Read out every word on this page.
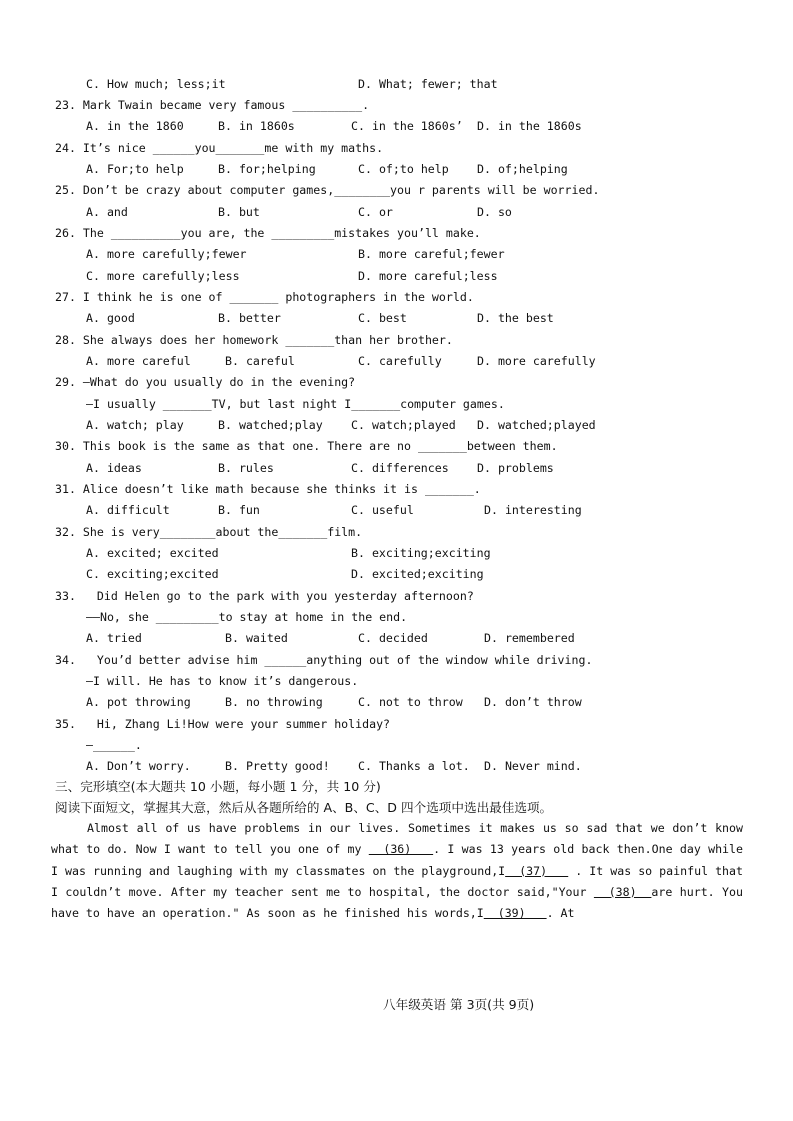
C. How much; less;it	D. What; fewer; that
23. Mark Twain became very famous __________.
A. in the 1860	B. in 1860s	C. in the 1860s’ D. in the 1860s
24. It’s nice ______you_______me with my maths.
A. For;to help	B. for;helping	C. of;to help D. of;helping
25. Don’t be crazy about computer games,________you r parents will be worried.
A. and	B. but	C. or	D. so
26. The __________you are, the _________mistakes you’ll make.
A. more carefully;fewer	B. more careful;fewer
C. more carefully;less	D. more careful;less
27. I think he is one of _______ photographers in the world.
A. good	B. better	C. best	D. the best
28. She always does her homework _______than her brother.
A. more careful	B. careful	C. carefully	D. more carefully
29. —What do you usually do in the evening?
—I usually _______TV, but last night I_______computer games.
A. watch; play	B. watched;play C. watch;played D. watched;played
30. This book is the same as that one. There are no _______between them.
A. ideas	B. rules	C. differences D. problems
31. Alice doesn’t like math because she thinks it is _______.
A. difficult	B. fun	C. useful	D. interesting
32. She is very________about the_______film.
A. excited; excited	B. exciting;exciting
C. exciting;excited	D. excited;exciting
33.   Did Helen go to the park with you yesterday afternoon?
——No, she _________to stay at home in the end.
A. tried	B. waited	C. decided	D. remembered
34.   You’d better advise him ______anything out of the window while driving.
—I will. He has to know it’s dangerous.
A. pot throwing	B. no throwing	C. not to throw D. don’t throw
35.   Hi, Zhang Li!How were your summer holiday?
—______.
A. Don’t worry.	B. Pretty good! C. Thanks a lot. D. Never mind.
三、完形填空(本大题共 10 小题，每小题 1 分，共 10 分)
阅读下面短文，掌握其大意，然后从各题所给的 A、B、C、D 四个选项中选出最佳选项。
Almost all of us have problems in our lives. Sometimes it makes us so sad that we don’t know what to do. Now I want to tell you one of my   (36)   . I was 13 years old back then.One day while I was running and laughing with my classmates on the playground,I  (37)    . It was so painful that I couldn’t move. After my teacher sent me to hospital, the doctor said,"Your   (38)  are hurt. You have to have an operation." As soon as he finished his words,I  (39)   . At
八年级英语 第 3页(共 9页)
